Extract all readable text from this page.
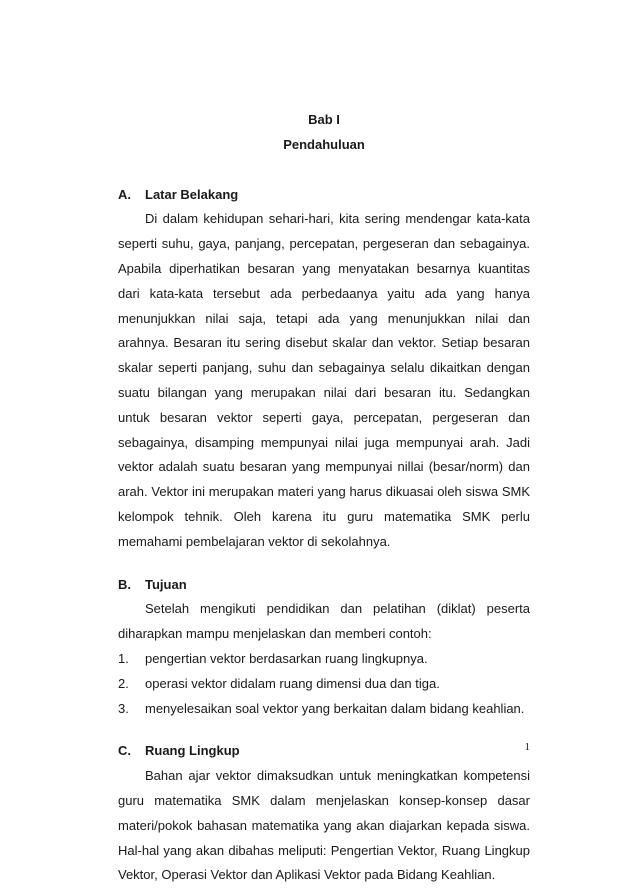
Bab I

Pendahuluan

A.	Latar Belakang

Di dalam kehidupan sehari-hari, kita sering mendengar kata-kata seperti suhu, gaya, panjang, percepatan, pergeseran dan sebagainya. Apabila diperhatikan besaran yang menyatakan besarnya kuantitas dari kata-kata tersebut ada perbedaanya yaitu ada yang hanya menunjukkan nilai saja, tetapi ada yang menunjukkan nilai dan arahnya. Besaran itu sering disebut skalar dan vektor. Setiap besaran skalar seperti panjang, suhu dan sebagainya selalu dikaitkan dengan suatu bilangan yang merupakan nilai dari besaran itu. Sedangkan untuk besaran vektor seperti gaya, percepatan, pergeseran dan sebagainya, disamping mempunyai nilai juga mempunyai arah. Jadi vektor adalah suatu besaran yang mempunyai nillai (besar/norm) dan arah. Vektor ini merupakan materi yang harus dikuasai oleh siswa SMK kelompok tehnik. Oleh karena itu guru matematika SMK perlu memahami pembelajaran vektor di sekolahnya.

B.	Tujuan

Setelah mengikuti pendidikan dan pelatihan (diklat) peserta diharapkan mampu menjelaskan dan memberi contoh:

1.	pengertian vektor berdasarkan ruang lingkupnya.

2.	operasi vektor didalam ruang dimensi dua dan tiga.

3.	menyelesaikan soal vektor yang berkaitan dalam bidang keahlian.

C.	Ruang Lingkup

Bahan ajar vektor dimaksudkan untuk meningkatkan kompetensi guru matematika SMK dalam menjelaskan konsep-konsep dasar materi/pokok bahasan matematika yang akan diajarkan kepada siswa. Hal-hal yang akan dibahas meliputi: Pengertian Vektor, Ruang Lingkup Vektor, Operasi Vektor dan Aplikasi Vektor pada Bidang Keahlian.

1
